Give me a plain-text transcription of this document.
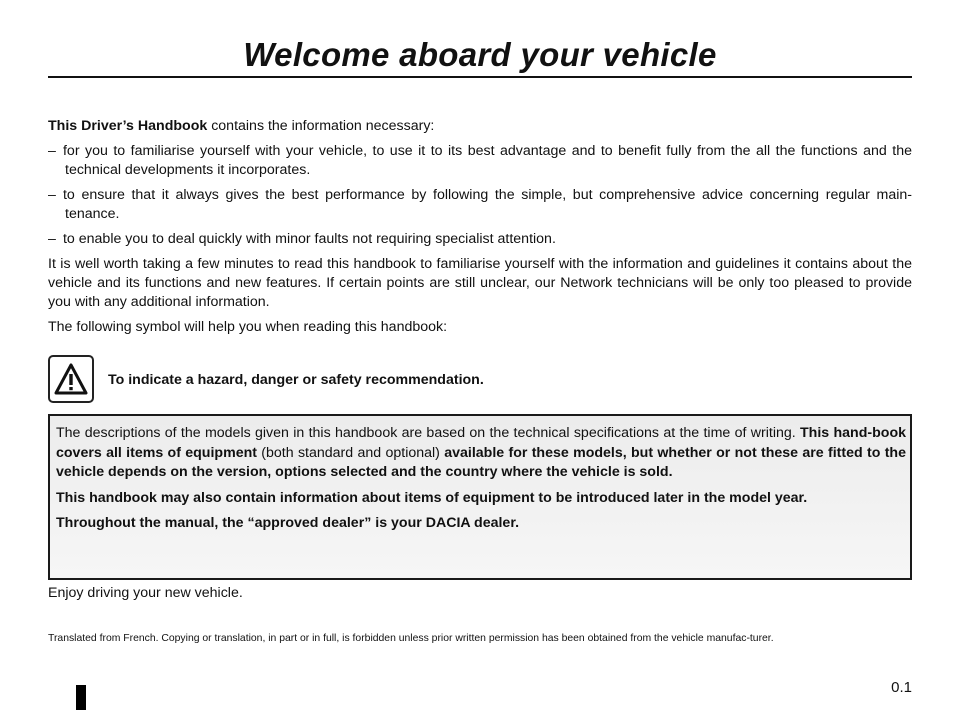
Welcome aboard your vehicle

This Driver’s Handbook contains the information necessary:

– for you to familiarise yourself with your vehicle, to use it to its best advantage and to benefit fully from the all the functions and the technical developments it incorporates.

– to ensure that it always gives the best performance by following the simple, but comprehensive advice concerning regular main-tenance.

– to enable you to deal quickly with minor faults not requiring specialist attention.

It is well worth taking a few minutes to read this handbook to familiarise yourself with the information and guidelines it contains about the vehicle and its functions and new features. If certain points are still unclear, our Network technicians will be only too pleased to provide you with any additional information.

The following symbol will help you when reading this handbook:

To indicate a hazard, danger or safety recommendation.

The descriptions of the models given in this handbook are based on the technical specifications at the time of writing. This hand-book covers all items of equipment (both standard and optional) available for these models, but whether or not these are fitted to the vehicle depends on the version, options selected and the country where the vehicle is sold.

This handbook may also contain information about items of equipment to be introduced later in the model year.

Throughout the manual, the “approved dealer” is your DACIA dealer.

Enjoy driving your new vehicle.
Translated from French. Copying or translation, in part or in full, is forbidden unless prior written permission has been obtained from the vehicle manufac-turer.
0.1
